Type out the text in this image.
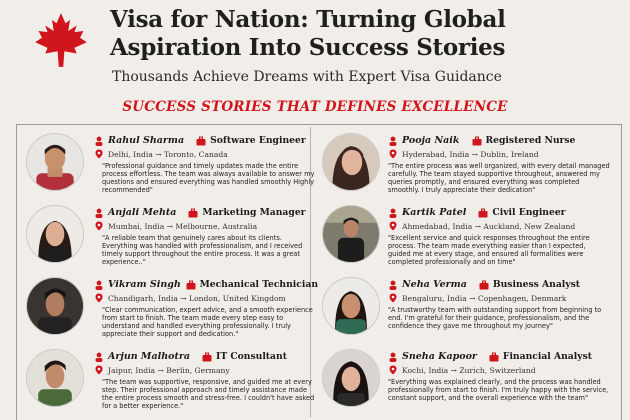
Visa for Nation: Turning Global Aspiration Into Success Stories
Thousands Achieve Dreams with Expert Visa Guidance
SUCCESS STORIES THAT DEFINES EXCELLENCE
Rahul Sharma	Software Engineer
Delhi, India → Toronto, Canada
"Professional guidance and timely updates made the entire process effortless. The team was always available to answer my questions and ensured everything was handled smoothly Highly recommended"
Pooja Naik	Registered Nurse
Hyderabad, India → Dublin, Ireland
"The entire process was well organized, with every detail managed carefully. The team stayed supportive throughout, answered my queries promptly, and ensured everything was completed smoothly. I truly appreciate their dedication"
Anjali Mehta	Marketing Manager
Mumbai, India → Melbourne, Australia
"A reliable team that genuinely cares about its clients. Everything was handled with professionalism, and I received timely support throughout the entire process. It was a great experience.."
Kartik Patel	Civil Engineer
Ahmedabad, India → Auckland, New Zealand
"Excellent service and quick responses throughout the entire process. The team made everything easier than I expected, guided me at every stage, and ensured all formalities were completed professionally and on time"
Vikram Singh Mechanical Technician
Chandigarh, India → London, United Kingdom
"Clear communication, expert advice, and a smooth experience from start to finish. The team made every step easy to understand and handled everything professionally. I truly appreciate their support and dedication."
Neha Verma	Business Analyst
Bengaluru, India → Copenhagen, Denmark
"A trustworthy team with outstanding support from beginning to end. I'm grateful for their guidance, professionalism, and the confidence they gave me throughout my journey"
Arjun Malhotra	IT Consultant
Jaipur, India → Berlin, Germany
"The team was supportive, responsive, and guided me at every step. Their professional approach and timely assistance made the entire process smooth and stress-free. I couldn't have asked for a better experience."
Sneha Kapoor	Financial Analyst
Kochi, India → Zurich, Switzerland
"Everything was explained clearly, and the process was handled professionally from start to finish. I'm truly happy with the service, constant support, and the overall experience with the team"
